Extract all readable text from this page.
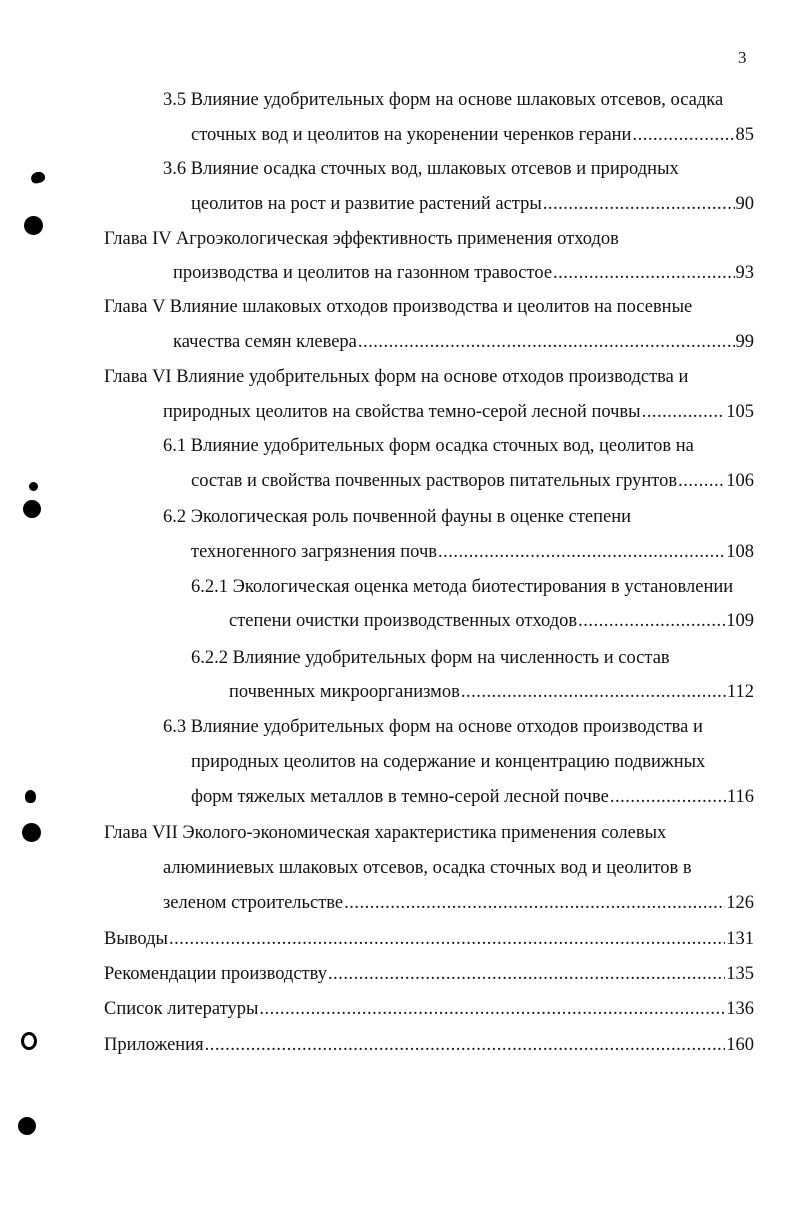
3
3.5 Влияние удобрительных форм на основе шлаковых отсевов, осадка
сточных вод и цеолитов на укоренении черенков герани .....	85
3.6 Влияние осадка сточных вод, шлаковых отсевов и природных
цеолитов на рост и развитие растений астры .....	90
Глава IV Агроэкологическая эффективность применения отходов
производства и цеолитов на газонном травостое .....	93
Глава V Влияние шлаковых отходов производства и цеолитов на посевные
качества семян клевера .....	99
Глава VI Влияние удобрительных форм на основе отходов производства и
природных цеолитов на свойства темно-серой лесной почвы .....	105
6.1 Влияние удобрительных форм осадка сточных вод, цеолитов на
состав и свойства почвенных растворов питательных грунтов .....	106
6.2 Экологическая роль почвенной фауны в оценке степени
техногенного загрязнения почв .....	108
6.2.1 Экологическая оценка метода биотестирования в установлении
степени очистки производственных отходов .....	109
6.2.2 Влияние удобрительных форм на численность и состав
почвенных микроорганизмов .....	112
6.3 Влияние удобрительных форм на основе отходов производства и
природных цеолитов на содержание и концентрацию подвижных
форм тяжелых металлов в темно-серой лесной почве .....	116
Глава VII Эколого-экономическая характеристика применения солевых
алюминиевых шлаковых отсевов, осадка сточных вод и цеолитов в
зеленом строительстве .....	126
Выводы .....	131
Рекомендации производству .....	135
Список литературы .....	136
Приложения .....	160
